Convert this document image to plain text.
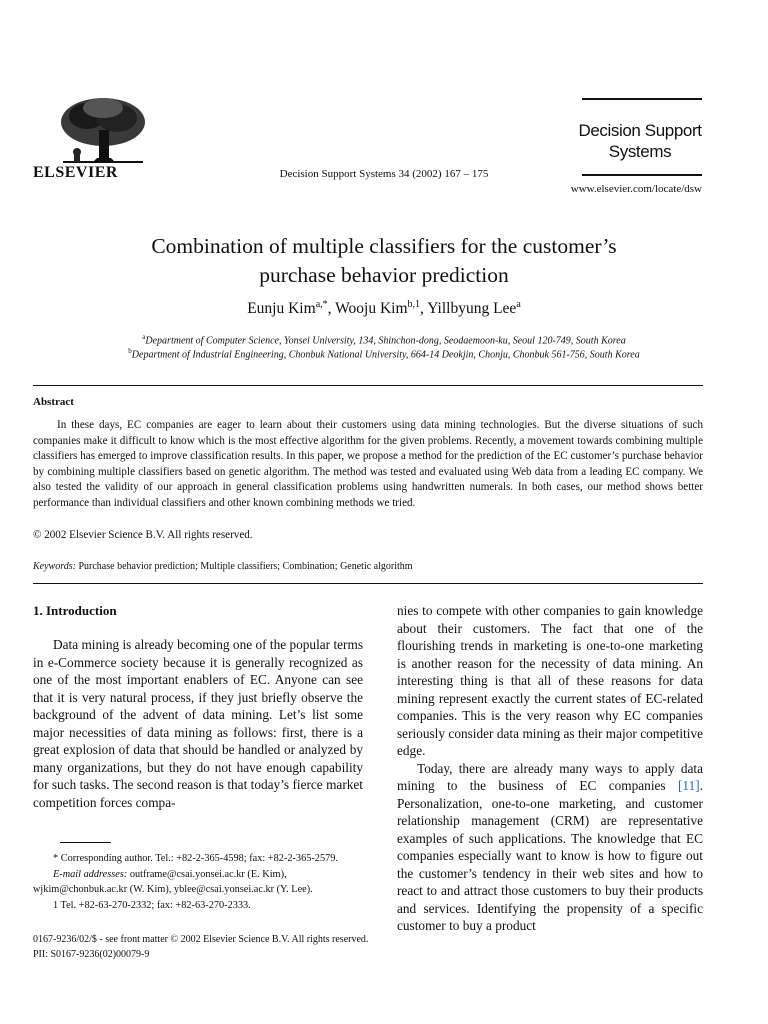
ELSEVIER	Decision Support Systems 34 (2002) 167 – 175
Decision Support
Systems
www.elsevier.com/locate/dsw
Combination of multiple classifiers for the customer’s
purchase behavior prediction
Eunju Kim$^{a,*}$, Wooju Kim$^{b,1}$, Yillbyung Lee$^a$
$^a$Department of Computer Science, Yonsei University, 134, Shinchon-dong, Seodaemoon-ku, Seoul 120-749, South Korea
$^b$Department of Industrial Engineering, Chonbuk National University, 664-14 Deokjin, Chonju, Chonbuk 561-756, South Korea
Abstract

In these days, EC companies are eager to learn about their customers using data mining technologies. But the diverse situations of such companies make it difficult to know which is the most effective algorithm for the given problems. Recently, a movement towards combining multiple classifiers has emerged to improve classification results. In this paper, we propose a method for the prediction of the EC customer’s purchase behavior by combining multiple classifiers based on genetic algorithm. The method was tested and evaluated using Web data from a leading EC company. We also tested the validity of our approach in general classification problems using handwritten numerals. In both cases, our method shows better performance than individual classifiers and other known combining methods we tried.

© 2002 Elsevier Science B.V. All rights reserved.
Keywords: Purchase behavior prediction; Multiple classifiers; Combination; Genetic algorithm
1. Introduction

Data mining is already becoming one of the popular terms in e-Commerce society because it is generally recognized as one of the most important enablers of EC. Anyone can see that it is very natural process, if they just briefly observe the background of the advent of data mining. Let’s list some major necessities of data mining as follows: first, there is a great explosion of data that should be handled or analyzed by many organizations, but they do not have enough capability for such tasks. The second reason is that today’s fierce market competition forces compa-

nies to compete with other companies to gain knowledge about their customers. The fact that one of the flourishing trends in marketing is one-to-one marketing is another reason for the necessity of data mining. An interesting thing is that all of these reasons for data mining represent exactly the current states of EC-related companies. This is the very reason why EC companies seriously consider data mining as their major competitive edge.

Today, there are already many ways to apply data mining to the business of EC companies [11]. Personalization, one-to-one marketing, and customer relationship management (CRM) are representative examples of such applications. The knowledge that EC companies especially want to know is how to figure out the customer’s tendency in their web sites and how to react to and attract those customers to buy their products and services. Identifying the propensity of a specific customer to buy a product

* Corresponding author. Tel.: +82-2-365-4598; fax: +82-2-365-2579.

E-mail addresses: outframe@csai.yonsei.ac.kr (E. Kim), wjkim@chonbuk.ac.kr (W. Kim), yblee@csai.yonsei.ac.kr (Y. Lee).

1 Tel. +82-63-270-2332; fax: +82-63-270-2333.

0167-9236/02/$ - see front matter © 2002 Elsevier Science B.V. All rights reserved.
PII: S0167-9236(02)00079-9
